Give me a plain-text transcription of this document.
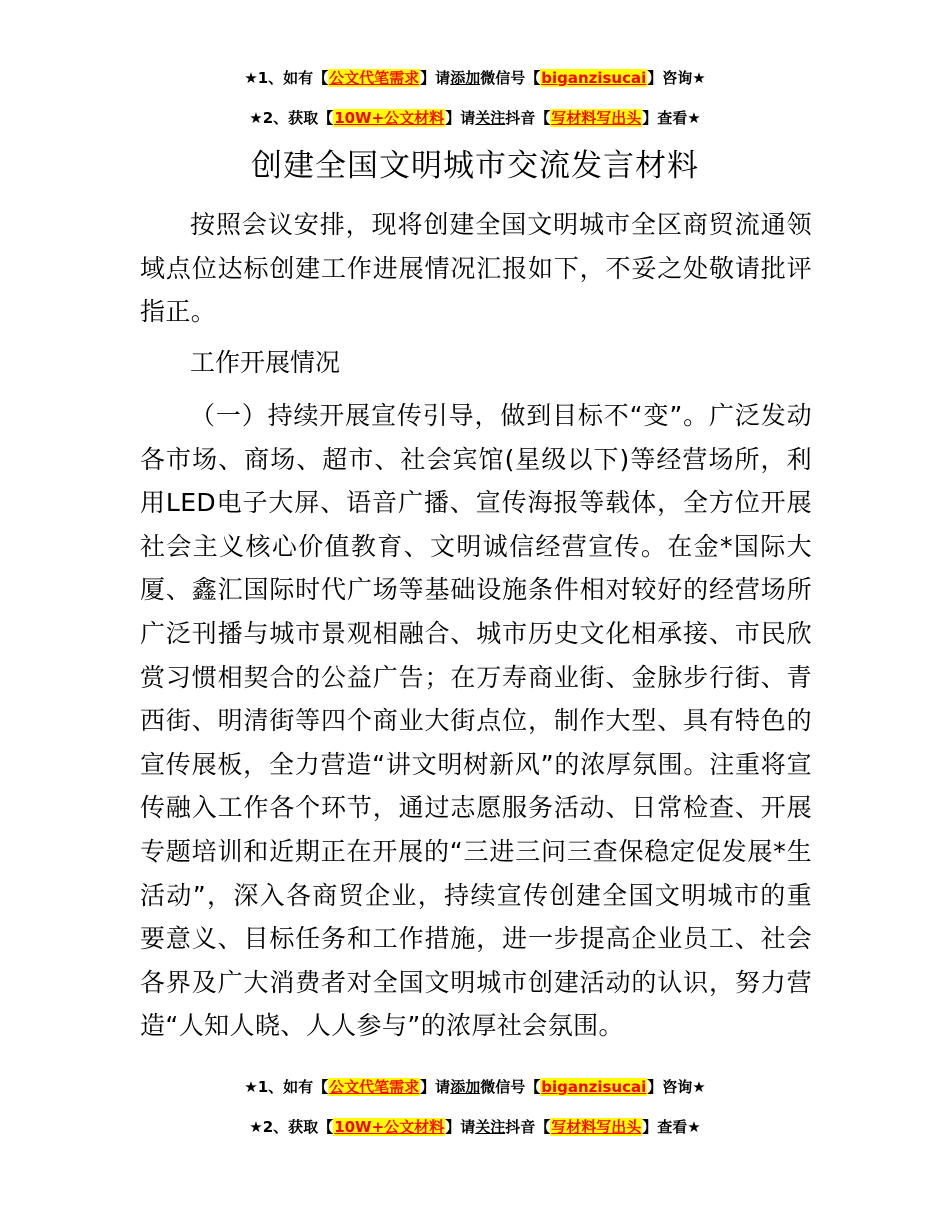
★1、如有【公文代笔需求】请添加微信号【biganzisucai】咨询★
★2、获取【10W+公文材料】请关注抖音【写材料写出头】查看★
创建全国文明城市交流发言材料
按照会议安排，现将创建全国文明城市全区商贸流通领域点位达标创建工作进展情况汇报如下，不妥之处敬请批评指正。
工作开展情况
（一）持续开展宣传引导，做到目标不“变”。广泛发动各市场、商场、超市、社会宾馆(星级以下)等经营场所，利用LED电子大屏、语音广播、宣传海报等载体，全方位开展社会主义核心价值教育、文明诚信经营宣传。在金*国际大厦、鑫汇国际时代广场等基础设施条件相对较好的经营场所广泛刊播与城市景观相融合、城市历史文化相承接、市民欣赏习惯相契合的公益广告；在万寿商业街、金脉步行街、青西街、明清街等四个商业大街点位，制作大型、具有特色的宣传展板，全力营造“讲文明树新风”的浓厚氛围。注重将宣传融入工作各个环节，通过志愿服务活动、日常检查、开展专题培训和近期正在开展的“三进三问三查保稳定促发展*生活动”，深入各商贸企业，持续宣传创建全国文明城市的重要意义、目标任务和工作措施，进一步提高企业员工、社会各界及广大消费者对全国文明城市创建活动的认识，努力营造“人知人晓、人人参与”的浓厚社会氛围。
★1、如有【公文代笔需求】请添加微信号【biganzisucai】咨询★
★2、获取【10W+公文材料】请关注抖音【写材料写出头】查看★
